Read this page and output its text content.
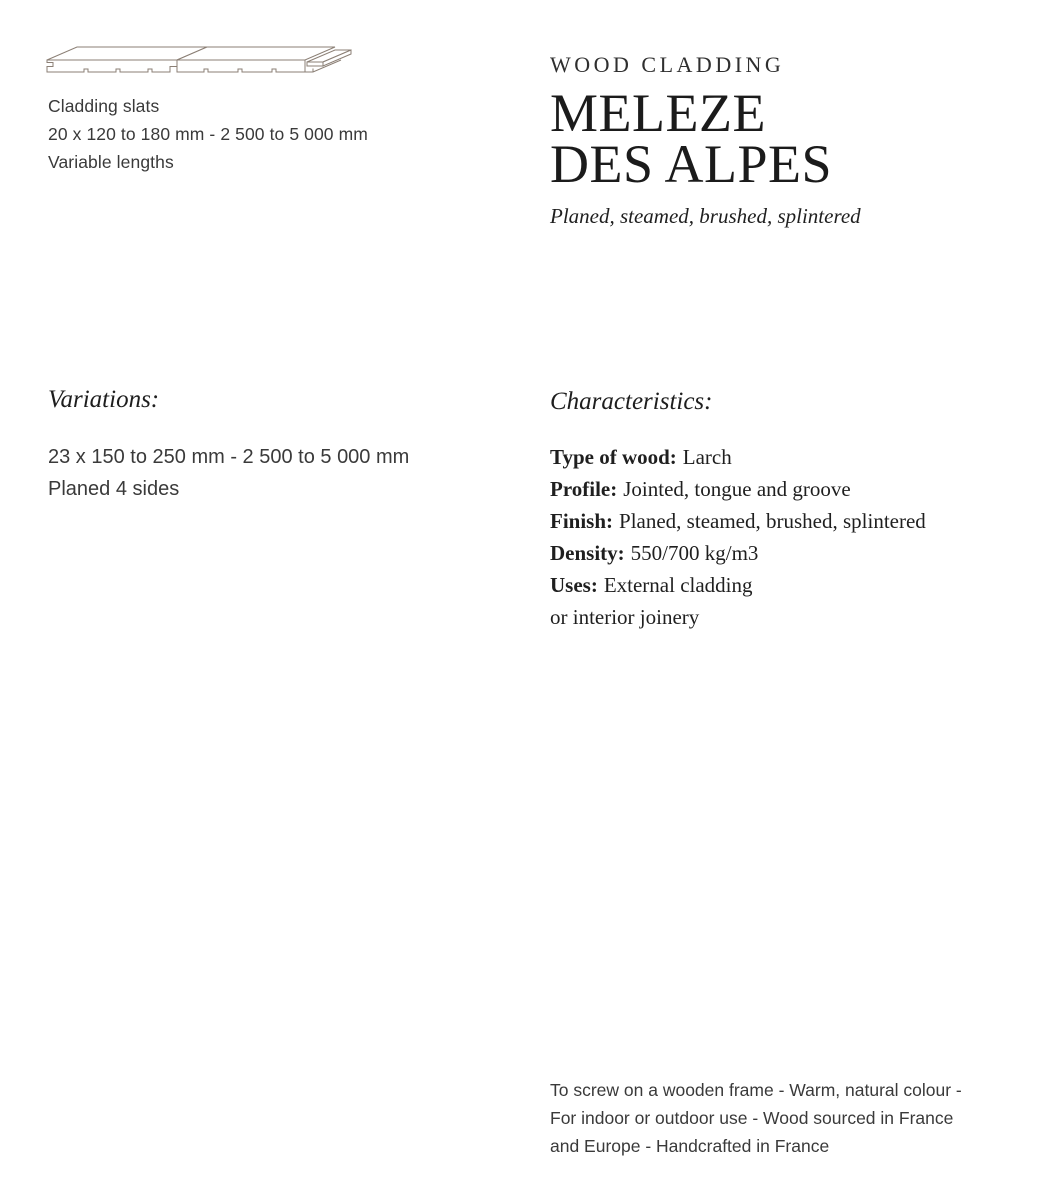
Cladding slats
20 x 120 to 180 mm - 2 500 to 5 000 mm
Variable lengths
WOOD CLADDING
MELEZE
DES ALPES
Planed, steamed, brushed, splintered
Variations:
23 x 150 to 250 mm - 2 500 to 5 000 mm
Planed 4 sides
Characteristics:
Type of wood: Larch
Profile: Jointed, tongue and groove
Finish: Planed, steamed, brushed, splintered
Density: 550/700 kg/m3
Uses: External cladding
or interior joinery
To screw on a wooden frame - Warm, natural colour - For indoor or outdoor use - Wood sourced in France and Europe - Handcrafted in France
